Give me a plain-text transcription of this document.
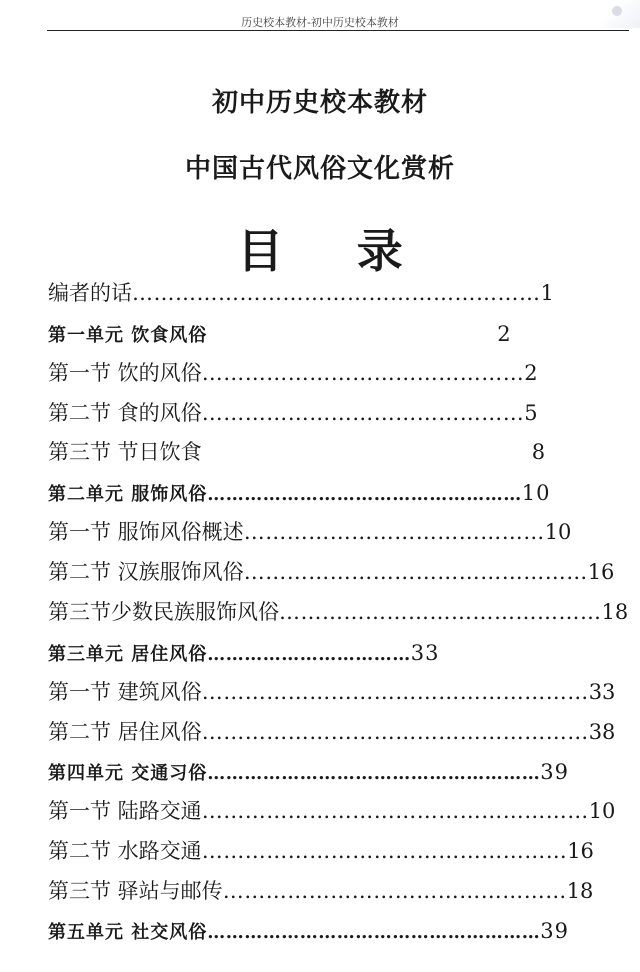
历史校本教材-初中历史校本教材
初中历史校本教材
中国古代风俗文化赏析
目录
编者的话…………………………………………………1
第一单元 饮食风俗	2
第一节 饮的风俗………………………………………2
第二节 食的风俗………………………………………5
第三节 节日饮食	8
第二单元 服饰风俗……………………………………………10
第一节 服饰风俗概述……………………………………10
第二节 汉族服饰风俗…………………………………………16
第三节少数民族服饰风俗………………………………………18
第三单元 居住风俗……………………………33
第一节 建筑风俗………………………………………………33
第二节 居住风俗………………………………………………38
第四单元 交通习俗………………………………………………39
第一节 陆路交通………………………………………………10
第二节 水路交通……………………………………………16
第三节 驿站与邮传…………………………………………18
第五单元 社交风俗………………………………………………39
